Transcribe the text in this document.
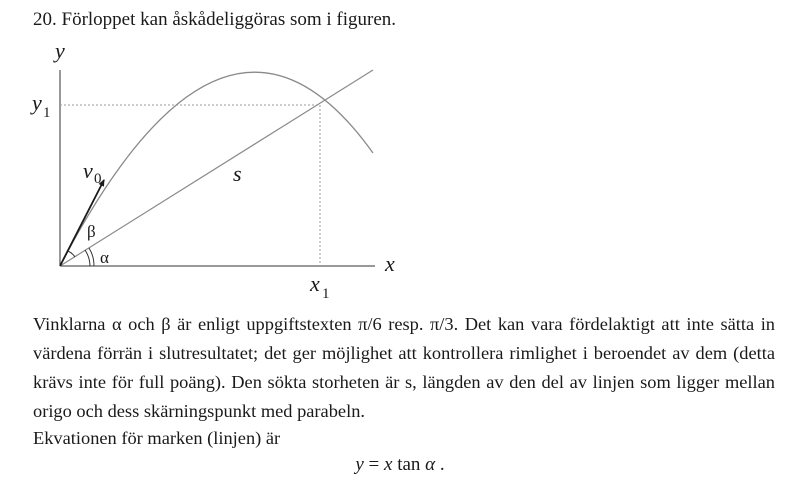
20. Förloppet kan åskådeliggöras som i figuren.
y
x
y 1
x 1
v 0	s
β
α
Vinklarna α och β är enligt uppgiftstexten π/6 resp. π/3. Det kan vara fördelaktigt att inte sätta in värdena förrän i slutresultatet; det ger möjlighet att kontrollera rimlighet i beroendet av dem (detta krävs inte för full poäng). Den sökta storheten är s, längden av den del av linjen som ligger mellan origo och dess skärningspunkt med parabeln.
Ekvationen för marken (linjen) är
y = x tan α .
